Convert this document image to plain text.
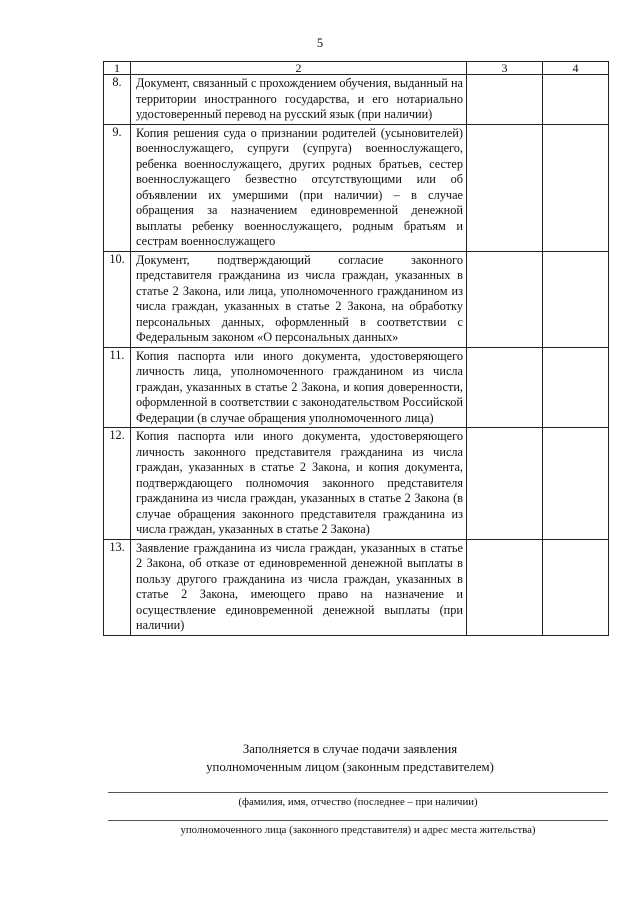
5
1	2	3	4
8.	Документ, связанный с прохождением обучения, выданный на территории иностранного государства, и его нотариально удостоверенный перевод на русский язык (при наличии)		
9.	Копия решения суда о признании родителей (усыновителей) военнослужащего, супруги (супруга) военнослужащего, ребенка военнослужащего, других родных братьев, сестер военнослужащего безвестно отсутствующими или об объявлении их умершими (при наличии) – в случае обращения за назначением единовременной денежной выплаты ребенку военнослужащего, родным братьям и сестрам военнослужащего		
10.	Документ, подтверждающий согласие законного представителя гражданина из числа граждан, указанных в статье 2 Закона, или лица, уполномоченного гражданином из числа граждан, указанных в статье 2 Закона, на обработку персональных данных, оформленный в соответствии с Федеральным законом «О персональных данных»		
11.	Копия паспорта или иного документа, удостоверяющего личность лица, уполномоченного гражданином из числа граждан, указанных в статье 2 Закона, и копия доверенности, оформленной в соответствии с законодательством Российской Федерации (в случае обращения уполномоченного лица)		
12.	Копия паспорта или иного документа, удостоверяющего личность законного представителя гражданина из числа граждан, указанных в статье 2 Закона, и копия документа, подтверждающего полномочия законного представителя гражданина из числа граждан, указанных в статье 2 Закона (в случае обращения законного представителя гражданина из числа граждан, указанных в статье 2 Закона)		
13.	Заявление гражданина из числа граждан, указанных в статье 2 Закона, об отказе от единовременной денежной выплаты в пользу другого гражданина из числа граждан, указанных в статье 2 Закона, имеющего право на назначение и осуществление единовременной денежной выплаты (при наличии)		
Заполняется в случае подачи заявления
уполномоченным лицом (законным представителем)
(фамилия, имя, отчество (последнее – при наличии)
уполномоченного лица (законного представителя) и адрес места жительства)
